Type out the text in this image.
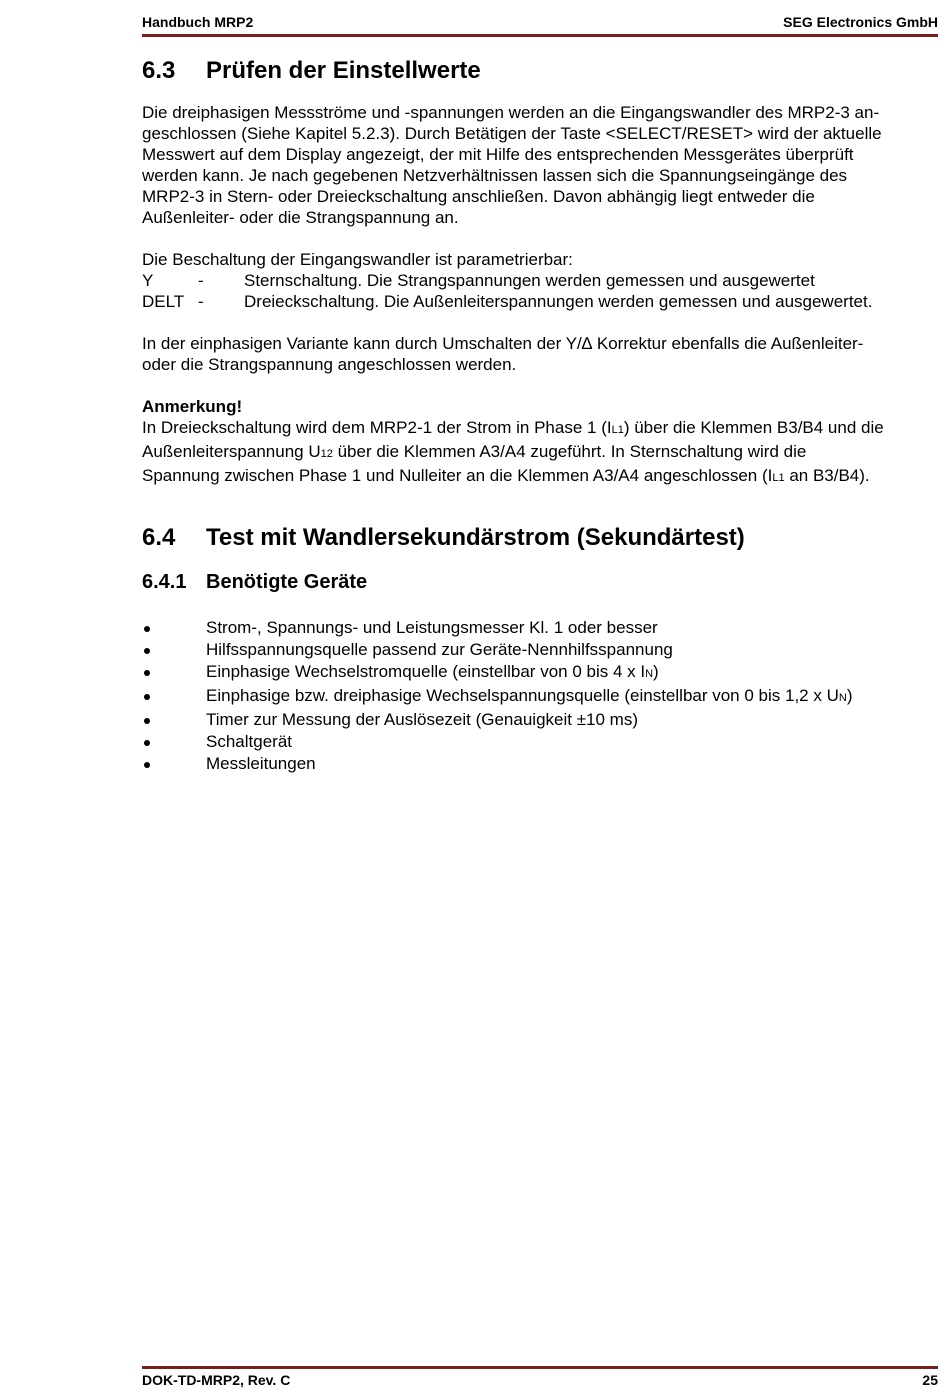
Handbuch MRP2	SEG Electronics GmbH
6.3 Prüfen der Einstellwerte

Die dreiphasigen Messströme und -spannungen werden an die Eingangswandler des MRP2-3 an-

geschlossen (Siehe Kapitel 5.2.3). Durch Betätigen der Taste <SELECT/RESET> wird der aktuelle

Messwert auf dem Display angezeigt, der mit Hilfe des entsprechenden Messgerätes überprüft

werden kann. Je nach gegebenen Netzverhältnissen lassen sich die Spannungseingänge des

MRP2-3 in Stern- oder Dreieckschaltung anschließen. Davon abhängig liegt entweder die

Außenleiter- oder die Strangspannung an.

Die Beschaltung der Eingangswandler ist parametrierbar:

Y	-	Sternschaltung. Die Strangspannungen werden gemessen und ausgewertet
DELT -	Dreieckschaltung. Die Außenleiterspannungen werden gemessen und ausgewertet.

In der einphasigen Variante kann durch Umschalten der Y/∆ Korrektur ebenfalls die Außenleiter-

oder die Strangspannung angeschlossen werden.

Anmerkung!

In Dreieckschaltung wird dem MRP2-1 der Strom in Phase 1 (IL1) über die Klemmen B3/B4 und die

Außenleiterspannung U12 über die Klemmen A3/A4 zugeführt. In Sternschaltung wird die

Spannung zwischen Phase 1 und Nulleiter an die Klemmen A3/A4 angeschlossen (IL1 an B3/B4).

6.4 Test mit Wandlersekundärstrom (Sekundärtest)
6.4.1 Benötigte Geräte
Strom-, Spannungs- und Leistungsmesser Kl. 1 oder besser
Hilfsspannungsquelle passend zur Geräte-Nennhilfsspannung
Einphasige Wechselstromquelle (einstellbar von 0 bis 4 x IN)
Einphasige bzw. dreiphasige Wechselspannungsquelle (einstellbar von 0 bis 1,2 x UN)
Timer zur Messung der Auslösezeit (Genauigkeit ±10 ms)
Schaltgerät
Messleitungen
DOK-TD-MRP2, Rev. C	25
